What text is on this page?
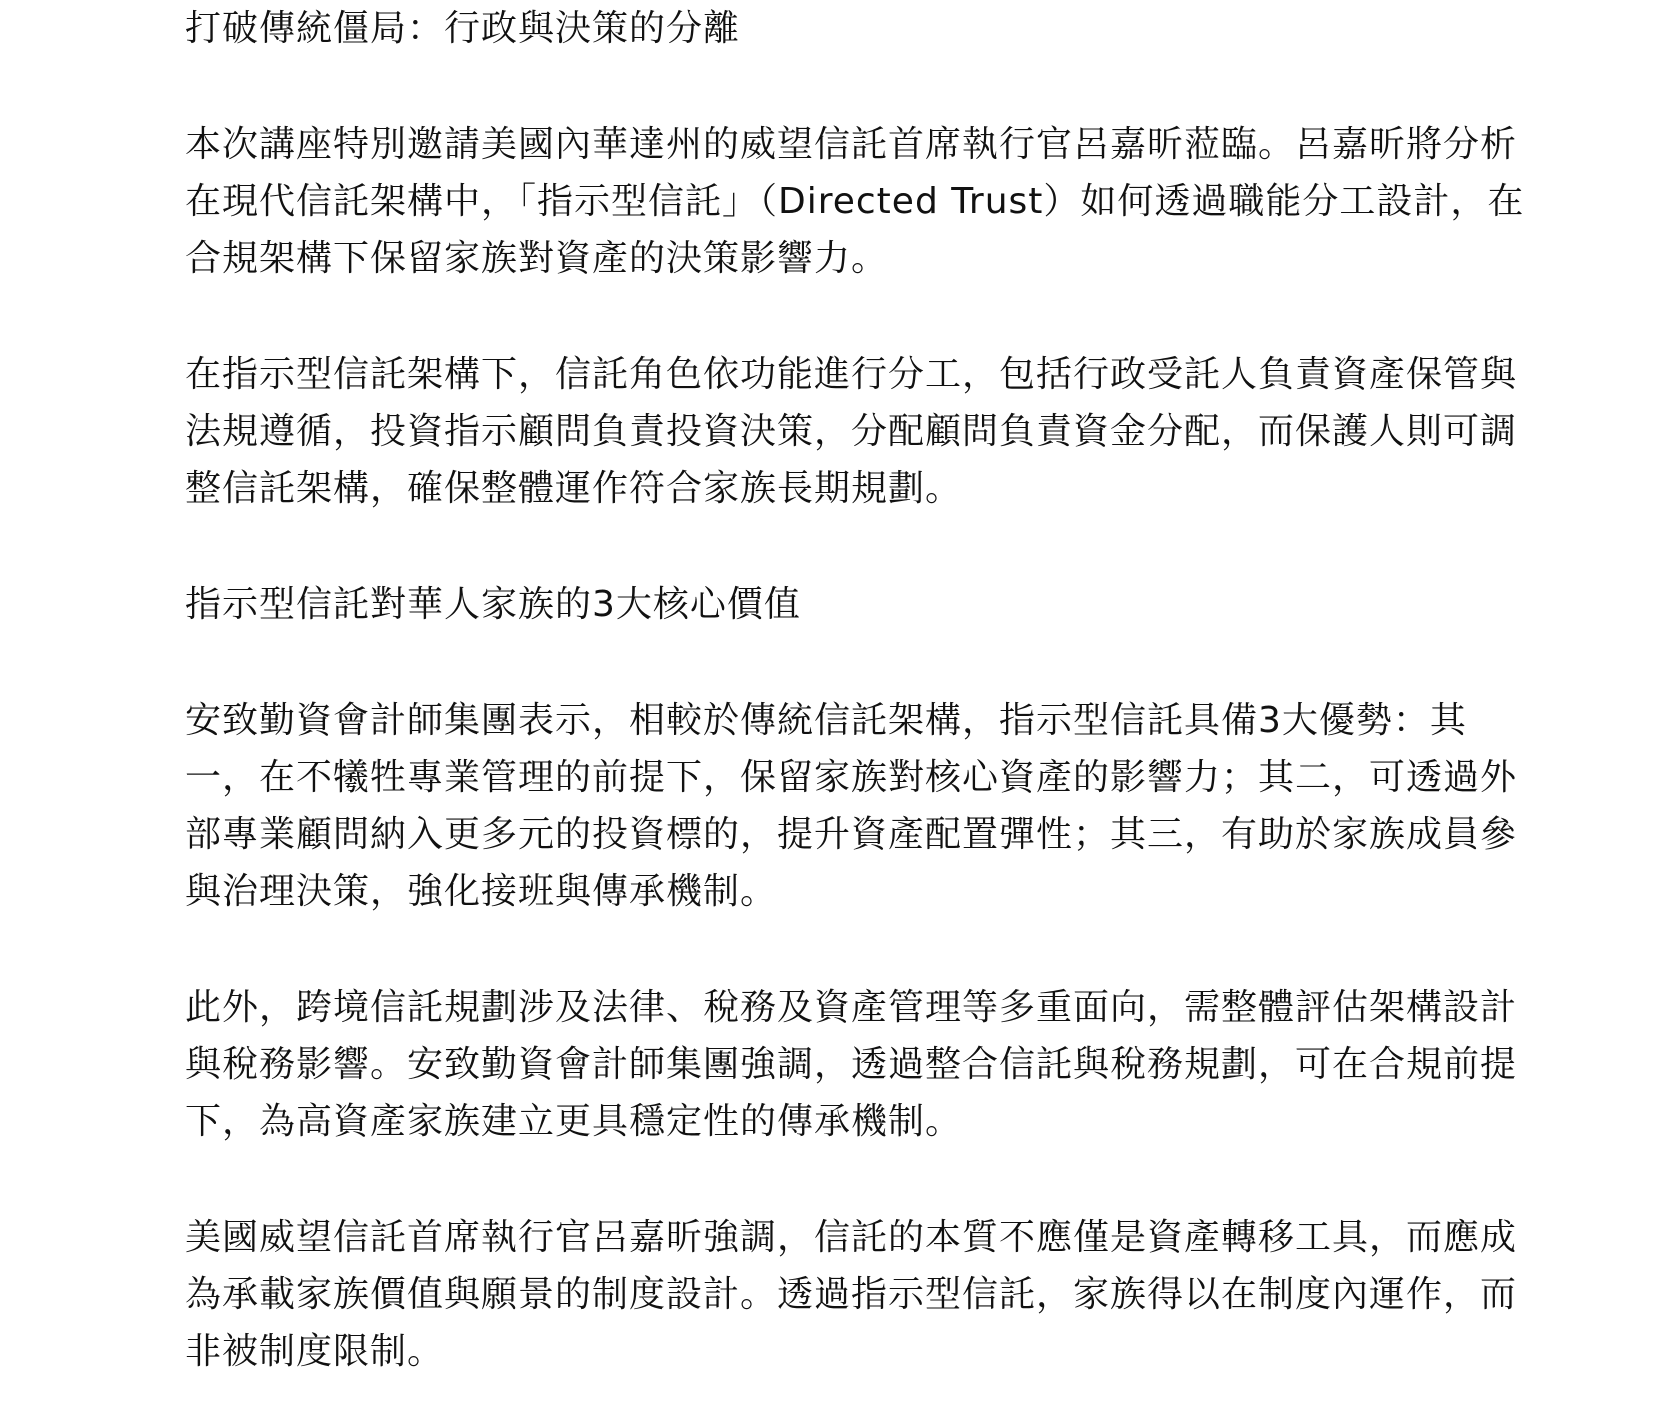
打破傳統僵局：行政與決策的分離

本次講座特別邀請美國內華達州的威望信託首席執行官呂嘉昕蒞臨。呂嘉昕將分析在現代信託架構中，「指示型信託」（Directed Trust）如何透過職能分工設計，在合規架構下保留家族對資產的決策影響力。

在指示型信託架構下，信託角色依功能進行分工，包括行政受託人負責資產保管與法規遵循，投資指示顧問負責投資決策，分配顧問負責資金分配，而保護人則可調整信託架構，確保整體運作符合家族長期規劃。

指示型信託對華人家族的3大核心價值

安致勤資會計師集團表示，相較於傳統信託架構，指示型信託具備3大優勢：其一，在不犧牲專業管理的前提下，保留家族對核心資產的影響力；其二，可透過外部專業顧問納入更多元的投資標的，提升資產配置彈性；其三，有助於家族成員參與治理決策，強化接班與傳承機制。

此外，跨境信託規劃涉及法律、稅務及資產管理等多重面向，需整體評估架構設計與稅務影響。安致勤資會計師集團強調，透過整合信託與稅務規劃，可在合規前提下，為高資產家族建立更具穩定性的傳承機制。

美國威望信託首席執行官呂嘉昕強調，信託的本質不應僅是資產轉移工具，而應成為承載家族價值與願景的制度設計。透過指示型信託，家族得以在制度內運作，而非被制度限制。
